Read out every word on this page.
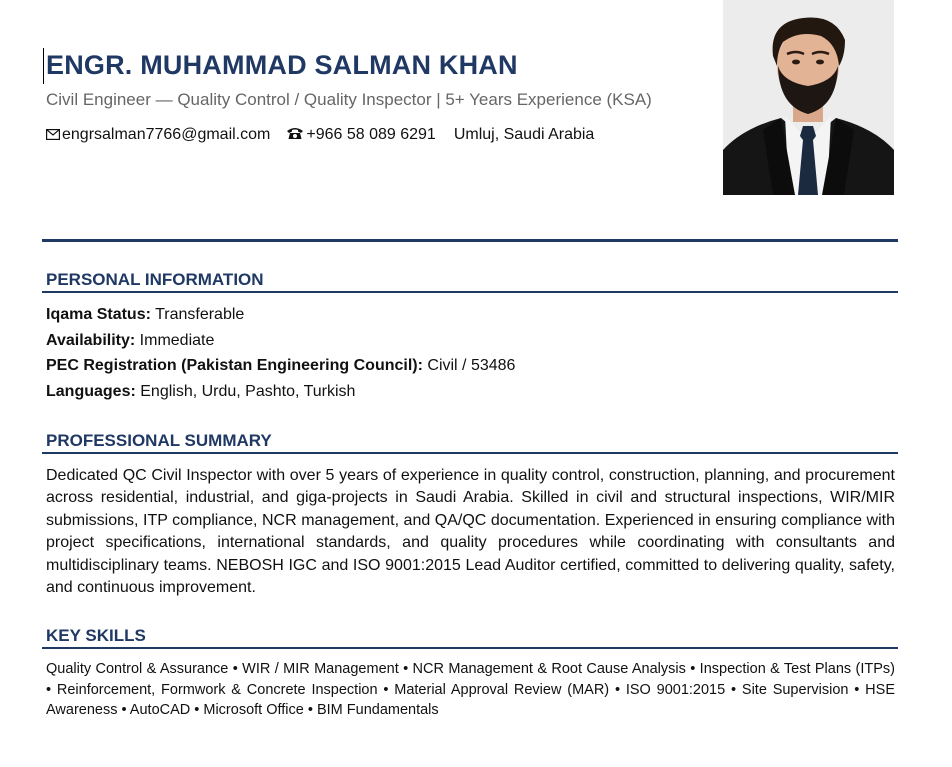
ENGR. MUHAMMAD SALMAN KHAN
Civil Engineer — Quality Control / Quality Inspector | 5+ Years Experience (KSA)
engrsalman7766@gmail.com +966 58 089 6291 Umluj, Saudi Arabia
PERSONAL INFORMATION
Iqama Status: Transferable
Availability: Immediate
PEC Registration (Pakistan Engineering Council): Civil / 53486
Languages: English, Urdu, Pashto, Turkish
PROFESSIONAL SUMMARY
Dedicated QC Civil Inspector with over 5 years of experience in quality control, construction, planning, and procurement across residential, industrial, and giga-projects in Saudi Arabia. Skilled in civil and structural inspections, WIR/MIR submissions, ITP compliance, NCR management, and QA/QC documentation. Experienced in ensuring compliance with project specifications, international standards, and quality procedures while coordinating with consultants and multidisciplinary teams. NEBOSH IGC and ISO 9001:2015 Lead Auditor certified, committed to delivering quality, safety, and continuous improvement.
KEY SKILLS
Quality Control & Assurance • WIR / MIR Management • NCR Management & Root Cause Analysis • Inspection & Test Plans (ITPs) • Reinforcement, Formwork & Concrete Inspection • Material Approval Review (MAR) • ISO 9001:2015 • Site Supervision • HSE Awareness • AutoCAD • Microsoft Office • BIM Fundamentals
